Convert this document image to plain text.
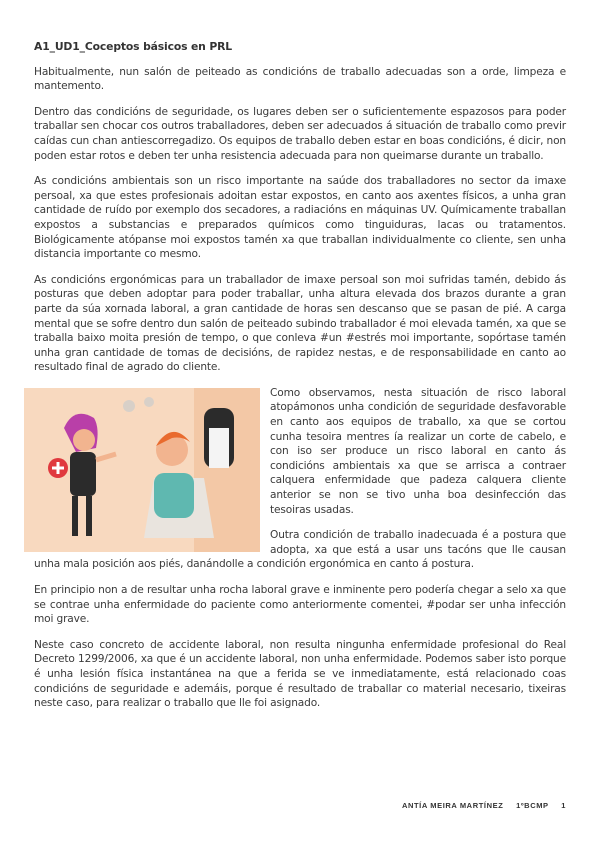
A1_UD1_Coceptos básicos en PRL

Habitualmente, nun salón de peiteado as condicións de traballo adecuadas son a orde, limpeza e mantemento.

Dentro das condicións de seguridade, os lugares deben ser o suficientemente espazosos para poder traballar sen chocar cos outros traballadores, deben ser adecuados á situación de traballo como previr caídas cun chan antiescorregadizo. Os equipos de traballo deben estar en boas condicións, é dicir, non poden estar rotos e deben ter unha resistencia adecuada para non queimarse durante un traballo.

As condicións ambientais son un risco importante na saúde dos traballadores no sector da imaxe persoal, xa que estes profesionais adoitan estar expostos, en canto aos axentes físicos, a unha gran cantidade de ruído por exemplo dos secadores, a radiacións en máquinas UV. Químicamente traballan expostos a substancias e preparados químicos como tinguiduras, lacas ou tratamentos. Biológicamente atópanse moi expostos tamén xa que traballan individualmente co cliente, sen unha distancia importante co mesmo.

As condicións ergonómicas para un traballador de imaxe persoal son moi sufridas tamén, debido ás posturas que deben adoptar para poder traballar, unha altura elevada dos brazos durante a gran parte da súa xornada laboral, a gran cantidade de horas sen descanso que se pasan de pié. A carga mental que se sofre dentro dun salón de peiteado subindo traballador é moi elevada tamén, xa que se traballa baixo moita presión de tempo, o que conleva #un #estrés moi importante, sopórtase tamén unha gran cantidade de tomas de decisións, de rapidez nestas, e de responsabilidade en canto ao resultado final de agrado do cliente.

Como observamos, nesta situación de risco laboral atopámonos unha condición de seguridade desfavorable en canto aos equipos de traballo, xa que se cortou cunha tesoira mentres ía realizar un corte de cabelo, e con iso ser produce un risco laboral en canto ás condicións ambientais xa que se arrisca a contraer calquera enfermidade que padeza calquera cliente anterior se non se tivo unha boa desinfección das tesoiras usadas.

Outra condición de traballo inadecuada é a postura que adopta, xa que está a usar uns tacóns que lle causan unha mala posición aos piés, danándolle a condición ergonómica en canto á postura.

En principio non a de resultar unha rocha laboral grave e inminente pero podería chegar a selo xa que se contrae unha enfermidade do paciente como anteriormente comentei, #podar ser unha infección moi grave.

Neste caso concreto de accidente laboral, non resulta ningunha enfermidade profesional do Real Decreto 1299/2006, xa que é un accidente laboral, non unha enfermidade. Podemos saber isto porque é unha lesión física instantánea na que a ferida se ve inmediatamente, está relacionado coas condicións de seguridade e ademáis, porque é resultado de traballar co material necesario, tixeiras neste caso, para realizar o traballo que lle foi asignado.

ANTÍA MEIRA MARTÍNEZ 1ºBCMP 1
